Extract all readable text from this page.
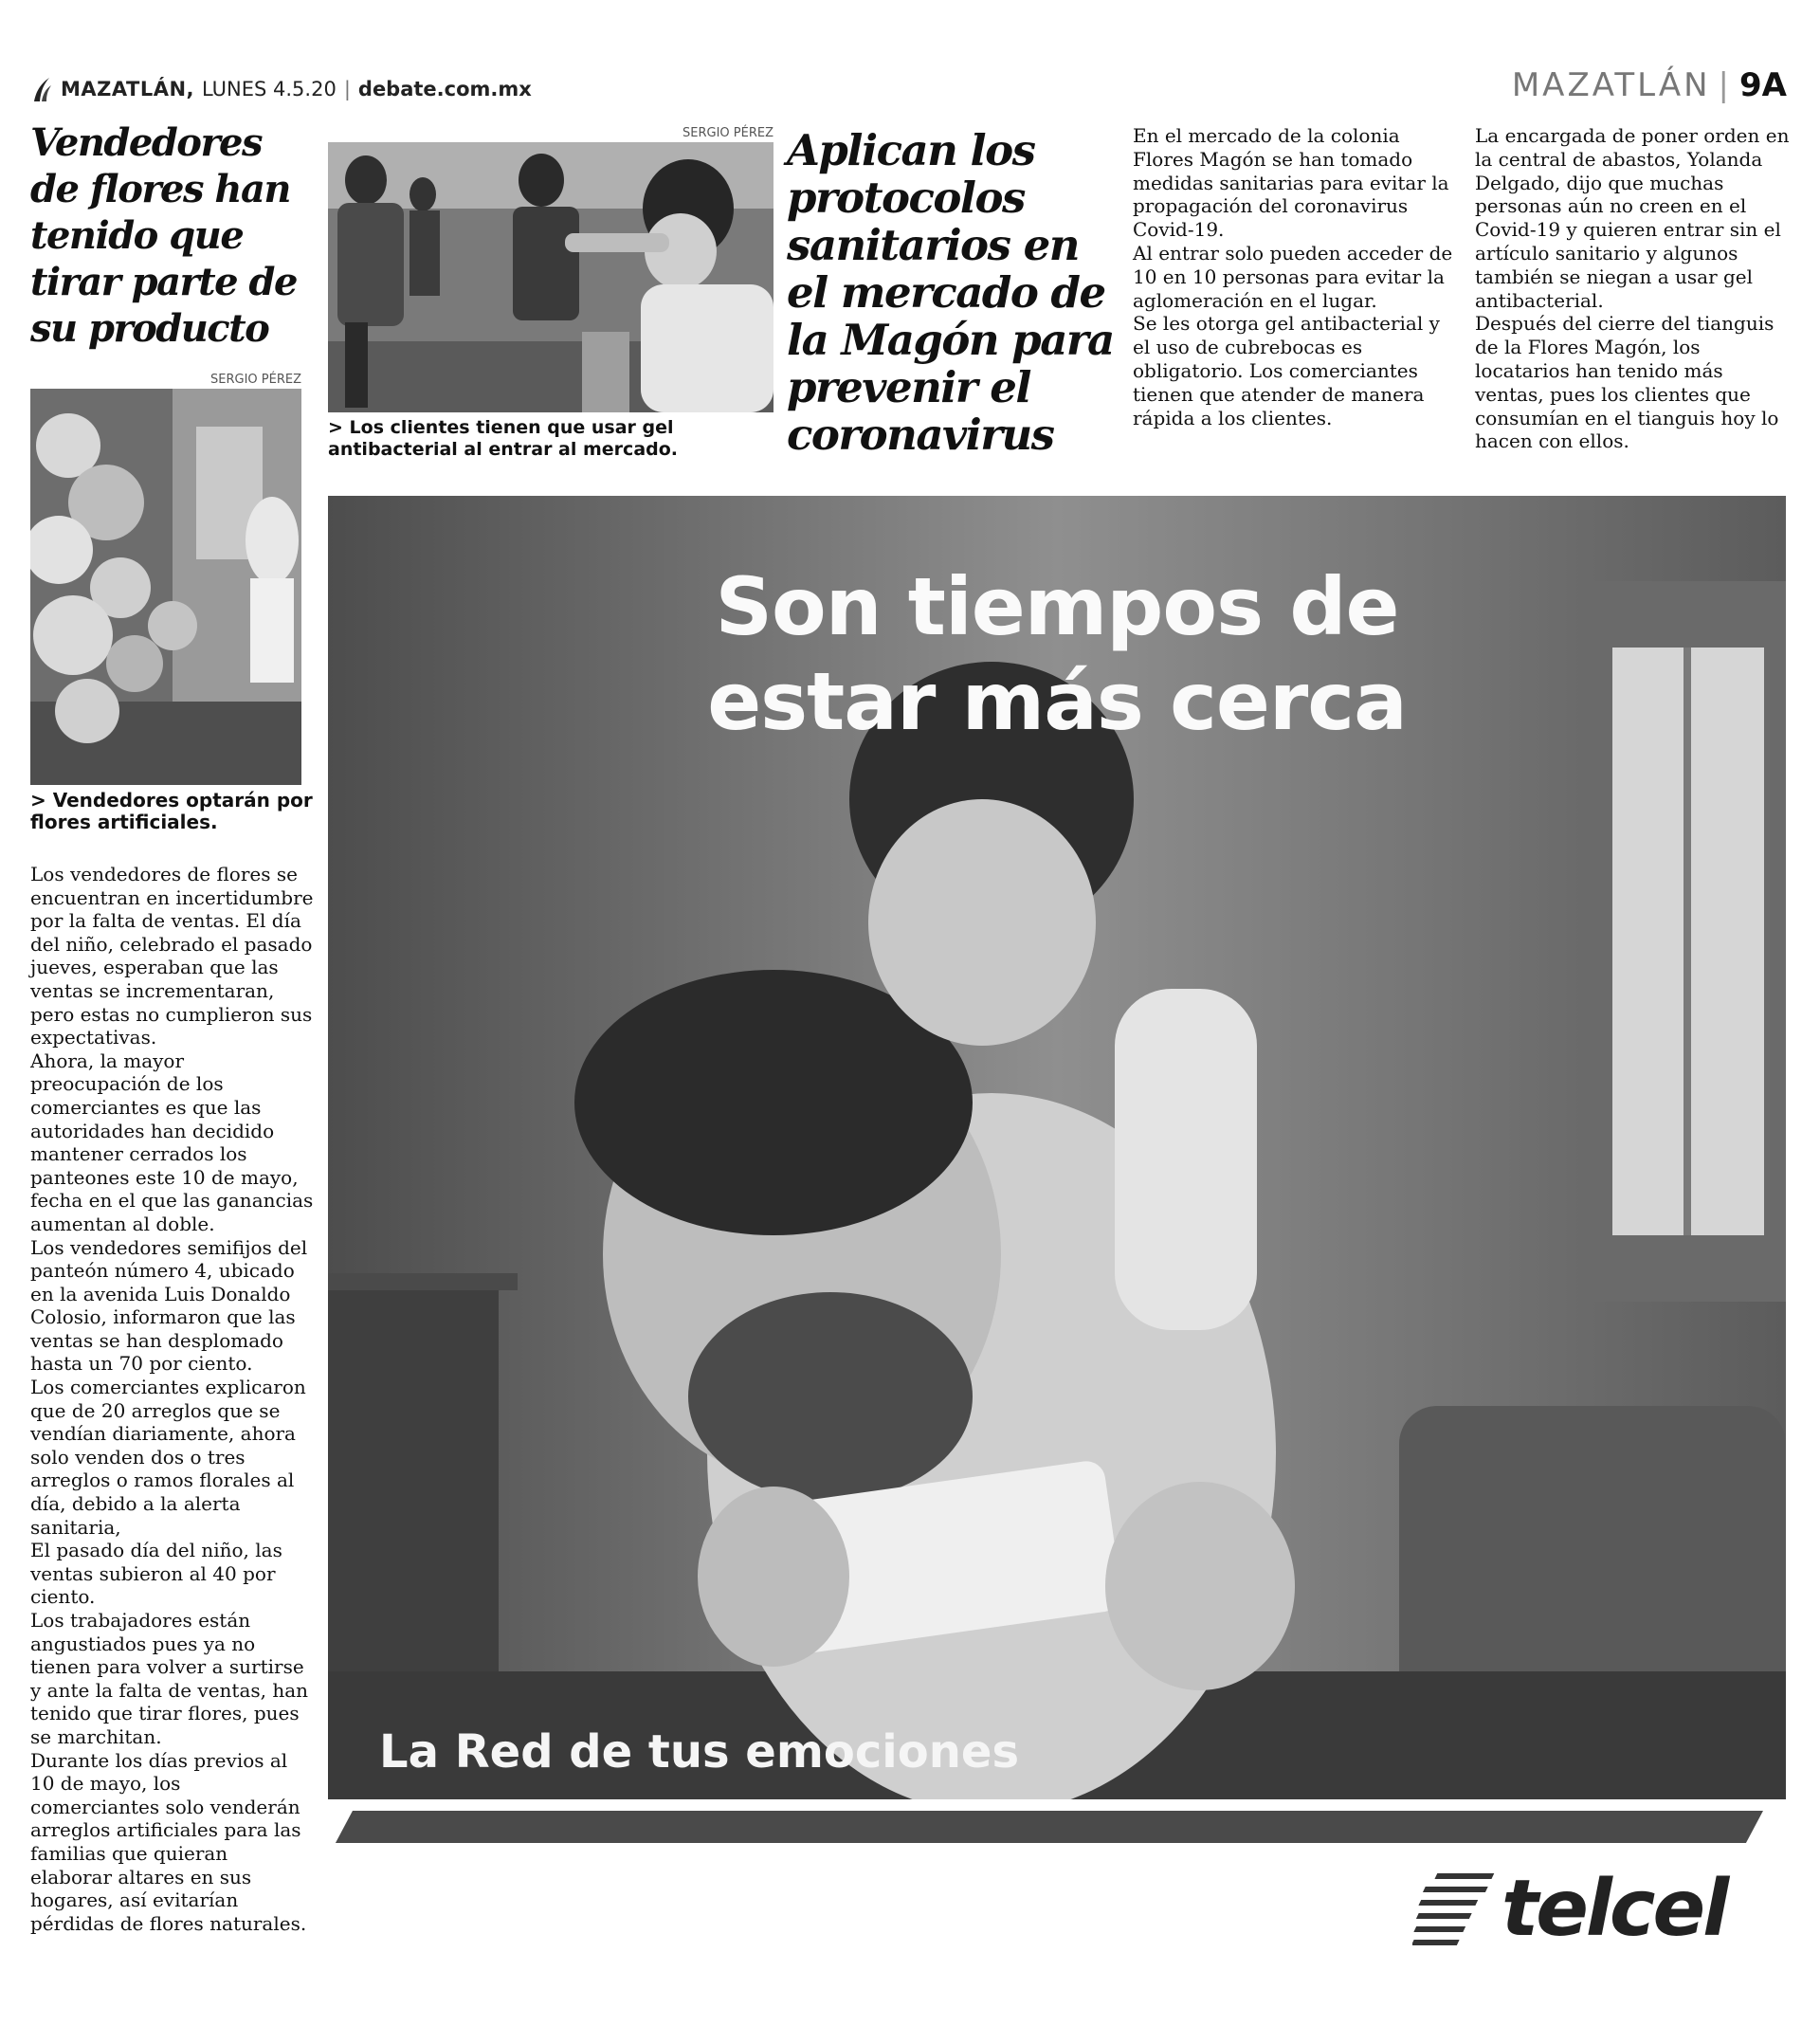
MAZATLÁN, LUNES 4.5.20 | debate.com.mx	MAZATLÁN | 9A
Vendedores de flores han tenido que tirar parte de su producto
SERGIO PÉREZ
> Vendedores optarán por flores artificiales.

Los vendedores de flores se encuentran en incertidumbre por la falta de ventas. El día del niño, celebrado el pasado jueves, esperaban que las ventas se incrementaran, pero estas no cumplieron sus expectativas.

Ahora, la mayor preocupación de los comerciantes es que las autoridades han decidido mantener cerrados los panteones este 10 de mayo, fecha en el que las ganancias aumentan al doble.

Los vendedores semifijos del panteón número 4, ubicado en la avenida Luis Donaldo Colosio, informaron que las ventas se han desplomado hasta un 70 por ciento.

Los comerciantes explicaron que de 20 arreglos que se vendían diariamente, ahora solo venden dos o tres arreglos o ramos florales al día, debido a la alerta sanitaria,

El pasado día del niño, las ventas subieron al 40 por ciento.

Los trabajadores están angustiados pues ya no tienen para volver a surtirse y ante la falta de ventas, han tenido que tirar flores, pues se marchitan.

Durante los días previos al 10 de mayo, los comerciantes solo venderán arreglos artificiales para las familias que quieran elaborar altares en sus hogares, así evitarían pérdidas de flores naturales.

SERGIO PÉREZ
> Los clientes tienen que usar gel antibacterial al entrar al mercado.
Aplican los protocolos sanitarios en el mercado de la Magón para prevenir el coronavirus

En el mercado de la colonia Flores Magón se han tomado medidas sanitarias para evitar la propagación del coronavirus Covid-19.

Al entrar solo pueden acceder de 10 en 10 personas para evitar la aglomeración en el lugar.

Se les otorga gel antibacterial y el uso de cubrebocas es obligatorio. Los comerciantes tienen que atender de manera rápida a los clientes.

La encargada de poner orden en la central de abastos, Yolanda Delgado, dijo que muchas personas aún no creen en el Covid-19 y quieren entrar sin el artículo sanitario y algunos también se niegan a usar gel antibacterial.

Después del cierre del tianguis de la Flores Magón, los locatarios han tenido más ventas, pues los clientes que consumían en el tianguis hoy lo hacen con ellos.

Son tiempos de
estar más cerca
La Red de tus emociones
telcel
